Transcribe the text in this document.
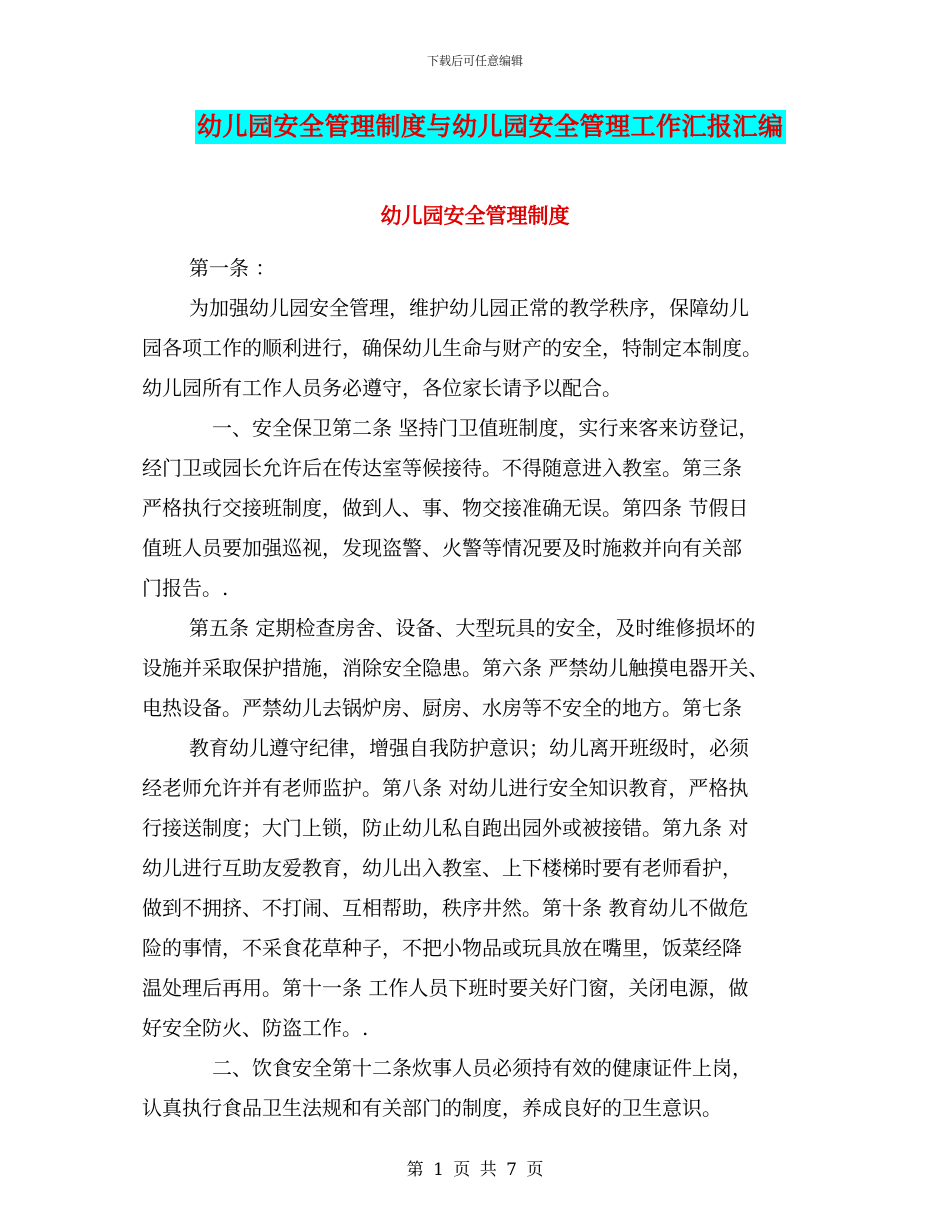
下载后可任意编辑
幼儿园安全管理制度与幼儿园安全管理工作汇报汇编
幼儿园安全管理制度

第一条 ：

为加强幼儿园安全管理，维护幼儿园正常的教学秩序，保障幼儿

园各项工作的顺利进行，确保幼儿生命与财产的安全，特制定本制度。

幼儿园所有工作人员务必遵守，各位家长请予以配合。

一、安全保卫第二条 坚持门卫值班制度，实行来客来访登记，

经门卫或园长允许后在传达室等候接待。不得随意进入教室。第三条

严格执行交接班制度，做到人、事、物交接准确无误。第四条 节假日

值班人员要加强巡视，发现盗警、火警等情况要及时施救并向有关部

门报告。.

第五条 定期检查房舍、设备、大型玩具的安全，及时维修损坏的

设施并采取保护措施，消除安全隐患。第六条 严禁幼儿触摸电器开关、

电热设备。严禁幼儿去锅炉房、厨房、水房等不安全的地方。第七条

教育幼儿遵守纪律，增强自我防护意识；幼儿离开班级时，必须

经老师允许并有老师监护。第八条 对幼儿进行安全知识教育，严格执

行接送制度；大门上锁，防止幼儿私自跑出园外或被接错。第九条 对

幼儿进行互助友爱教育，幼儿出入教室、上下楼梯时要有老师看护，

做到不拥挤、不打闹、互相帮助，秩序井然。第十条 教育幼儿不做危

险的事情，不采食花草种子，不把小物品或玩具放在嘴里，饭菜经降

温处理后再用。第十一条 工作人员下班时要关好门窗，关闭电源，做

好安全防火、防盗工作。.

二、饮食安全第十二条炊事人员必须持有效的健康证件上岗，

认真执行食品卫生法规和有关部门的制度，养成良好的卫生意识。

第 1 页 共 7 页
